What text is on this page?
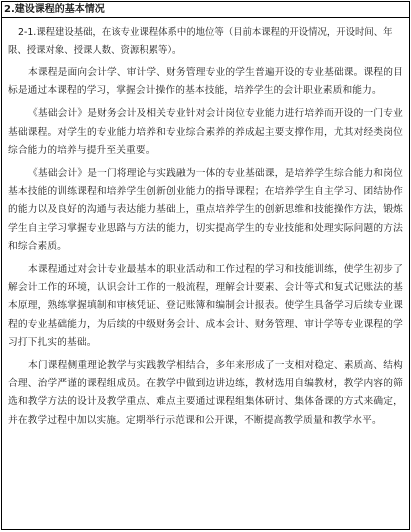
2.建设课程的基本情况

2-1.课程建设基础，在该专业课程体系中的地位等（目前本课程的开设情况，开设时间、年限、授课对象、授课人数、资源积累等）。

本课程是面向会计学、审计学、财务管理专业的学生普遍开设的专业基础课。课程的目标是通过本课程的学习，掌握会计操作的基本技能，培养学生的会计职业素质和能力。

《基础会计》是财务会计及相关专业针对会计岗位专业能力进行培养而开设的一门专业基础课程。对学生的专业能力培养和专业综合素养的养成起主要支撑作用，尤其对经类岗位综合能力的培养与提升至关重要。

《基础会计》是一门将理论与实践融为一体的专业基础课，是培养学生综合能力和岗位基本技能的训练课程和培养学生创新创业能力的指导课程；在培养学生自主学习、团结协作的能力以及良好的沟通与表达能力基础上，重点培养学生的创新思维和技能操作方法，锻炼学生自主学习掌握专业思路与方法的能力，切实提高学生的专业技能和处理实际问题的方法和综合素质。

本课程通过对会计专业最基本的职业活动和工作过程的学习和技能训练，使学生初步了解会计工作的环境，认识会计工作的一般流程，理解会计要素、会计等式和复式记账法的基本原理，熟练掌握填制和审核凭证、登记账簿和编制会计报表。使学生具备学习后续专业课程的专业基础能力，为后续的中级财务会计、成本会计、财务管理、审计学等专业课程的学习打下扎实的基础。

本门课程侧重理论教学与实践教学相结合，多年来形成了一支相对稳定、素质高、结构合理、治学严谨的课程组成员。在教学中做到边讲边练，教材选用自编教材，教学内容的筛选和教学方法的设计及教学重点、难点主要通过课程组集体研讨、集体备课的方式来确定，并在教学过程中加以实施。定期举行示范课和公开课，不断提高教学质量和教学水平。
